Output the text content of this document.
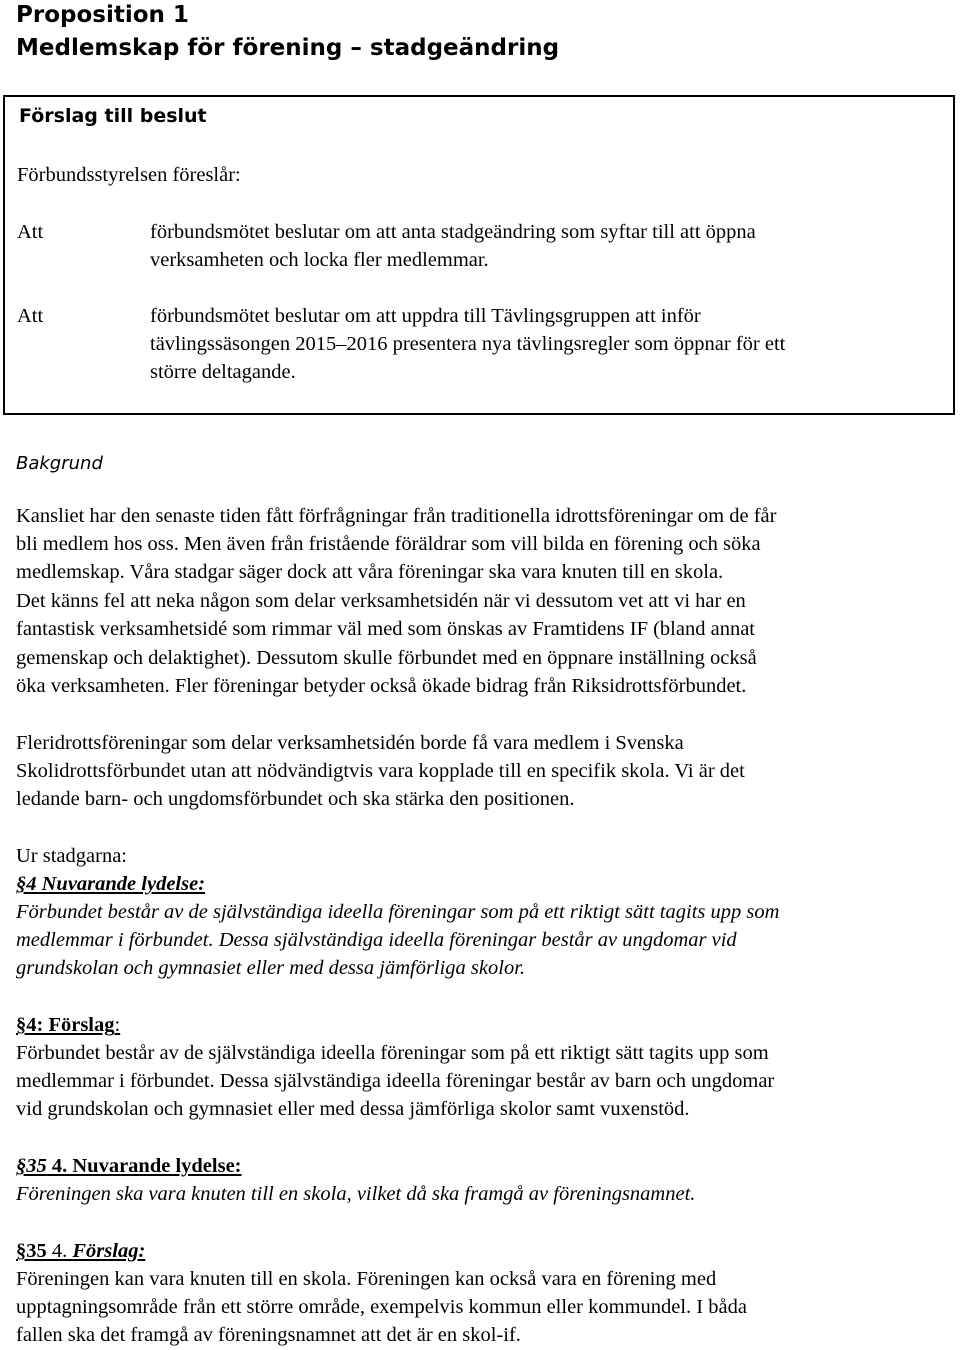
Proposition 1
Medlemskap för förening – stadgeändring
Förslag till beslut
Förbundsstyrelsen föreslår:
Att	förbundsmötet beslutar om att anta stadgeändring som syftar till att öppna
verksamheten och locka fler medlemmar.
Att	förbundsmötet beslutar om att uppdra till Tävlingsgruppen att inför
tävlingssäsongen 2015–2016 presentera nya tävlingsregler som öppnar för ett
större deltagande.
Bakgrund
Kansliet har den senaste tiden fått förfrågningar från traditionella idrottsföreningar om de får
bli medlem hos oss. Men även från fristående föräldrar som vill bilda en förening och söka
medlemskap. Våra stadgar säger dock att våra föreningar ska vara knuten till en skola.
Det känns fel att neka någon som delar verksamhetsidén när vi dessutom vet att vi har en
fantastisk verksamhetsidé som rimmar väl med som önskas av Framtidens IF (bland annat
gemenskap och delaktighet). Dessutom skulle förbundet med en öppnare inställning också
öka verksamheten. Fler föreningar betyder också ökade bidrag från Riksidrottsförbundet.
Fleridrottsföreningar som delar verksamhetsidén borde få vara medlem i Svenska
Skolidrottsförbundet utan att nödvändigtvis vara kopplade till en specifik skola. Vi är det
ledande barn- och ungdomsförbundet och ska stärka den positionen.
Ur stadgarna:
§4 Nuvarande lydelse:
Förbundet består av de självständiga ideella föreningar som på ett riktigt sätt tagits upp som
medlemmar i förbundet. Dessa självständiga ideella föreningar består av ungdomar vid
grundskolan och gymnasiet eller med dessa jämförliga skolor.
§4: Förslag:
Förbundet består av de självständiga ideella föreningar som på ett riktigt sätt tagits upp som
medlemmar i förbundet. Dessa självständiga ideella föreningar består av barn och ungdomar
vid grundskolan och gymnasiet eller med dessa jämförliga skolor samt vuxenstöd.
§35 4. Nuvarande lydelse:
Föreningen ska vara knuten till en skola, vilket då ska framgå av föreningsnamnet.
§35 4. Förslag:
Föreningen kan vara knuten till en skola. Föreningen kan också vara en förening med
upptagningsområde från ett större område, exempelvis kommun eller kommundel. I båda
fallen ska det framgå av föreningsnamnet att det är en skol-if.
